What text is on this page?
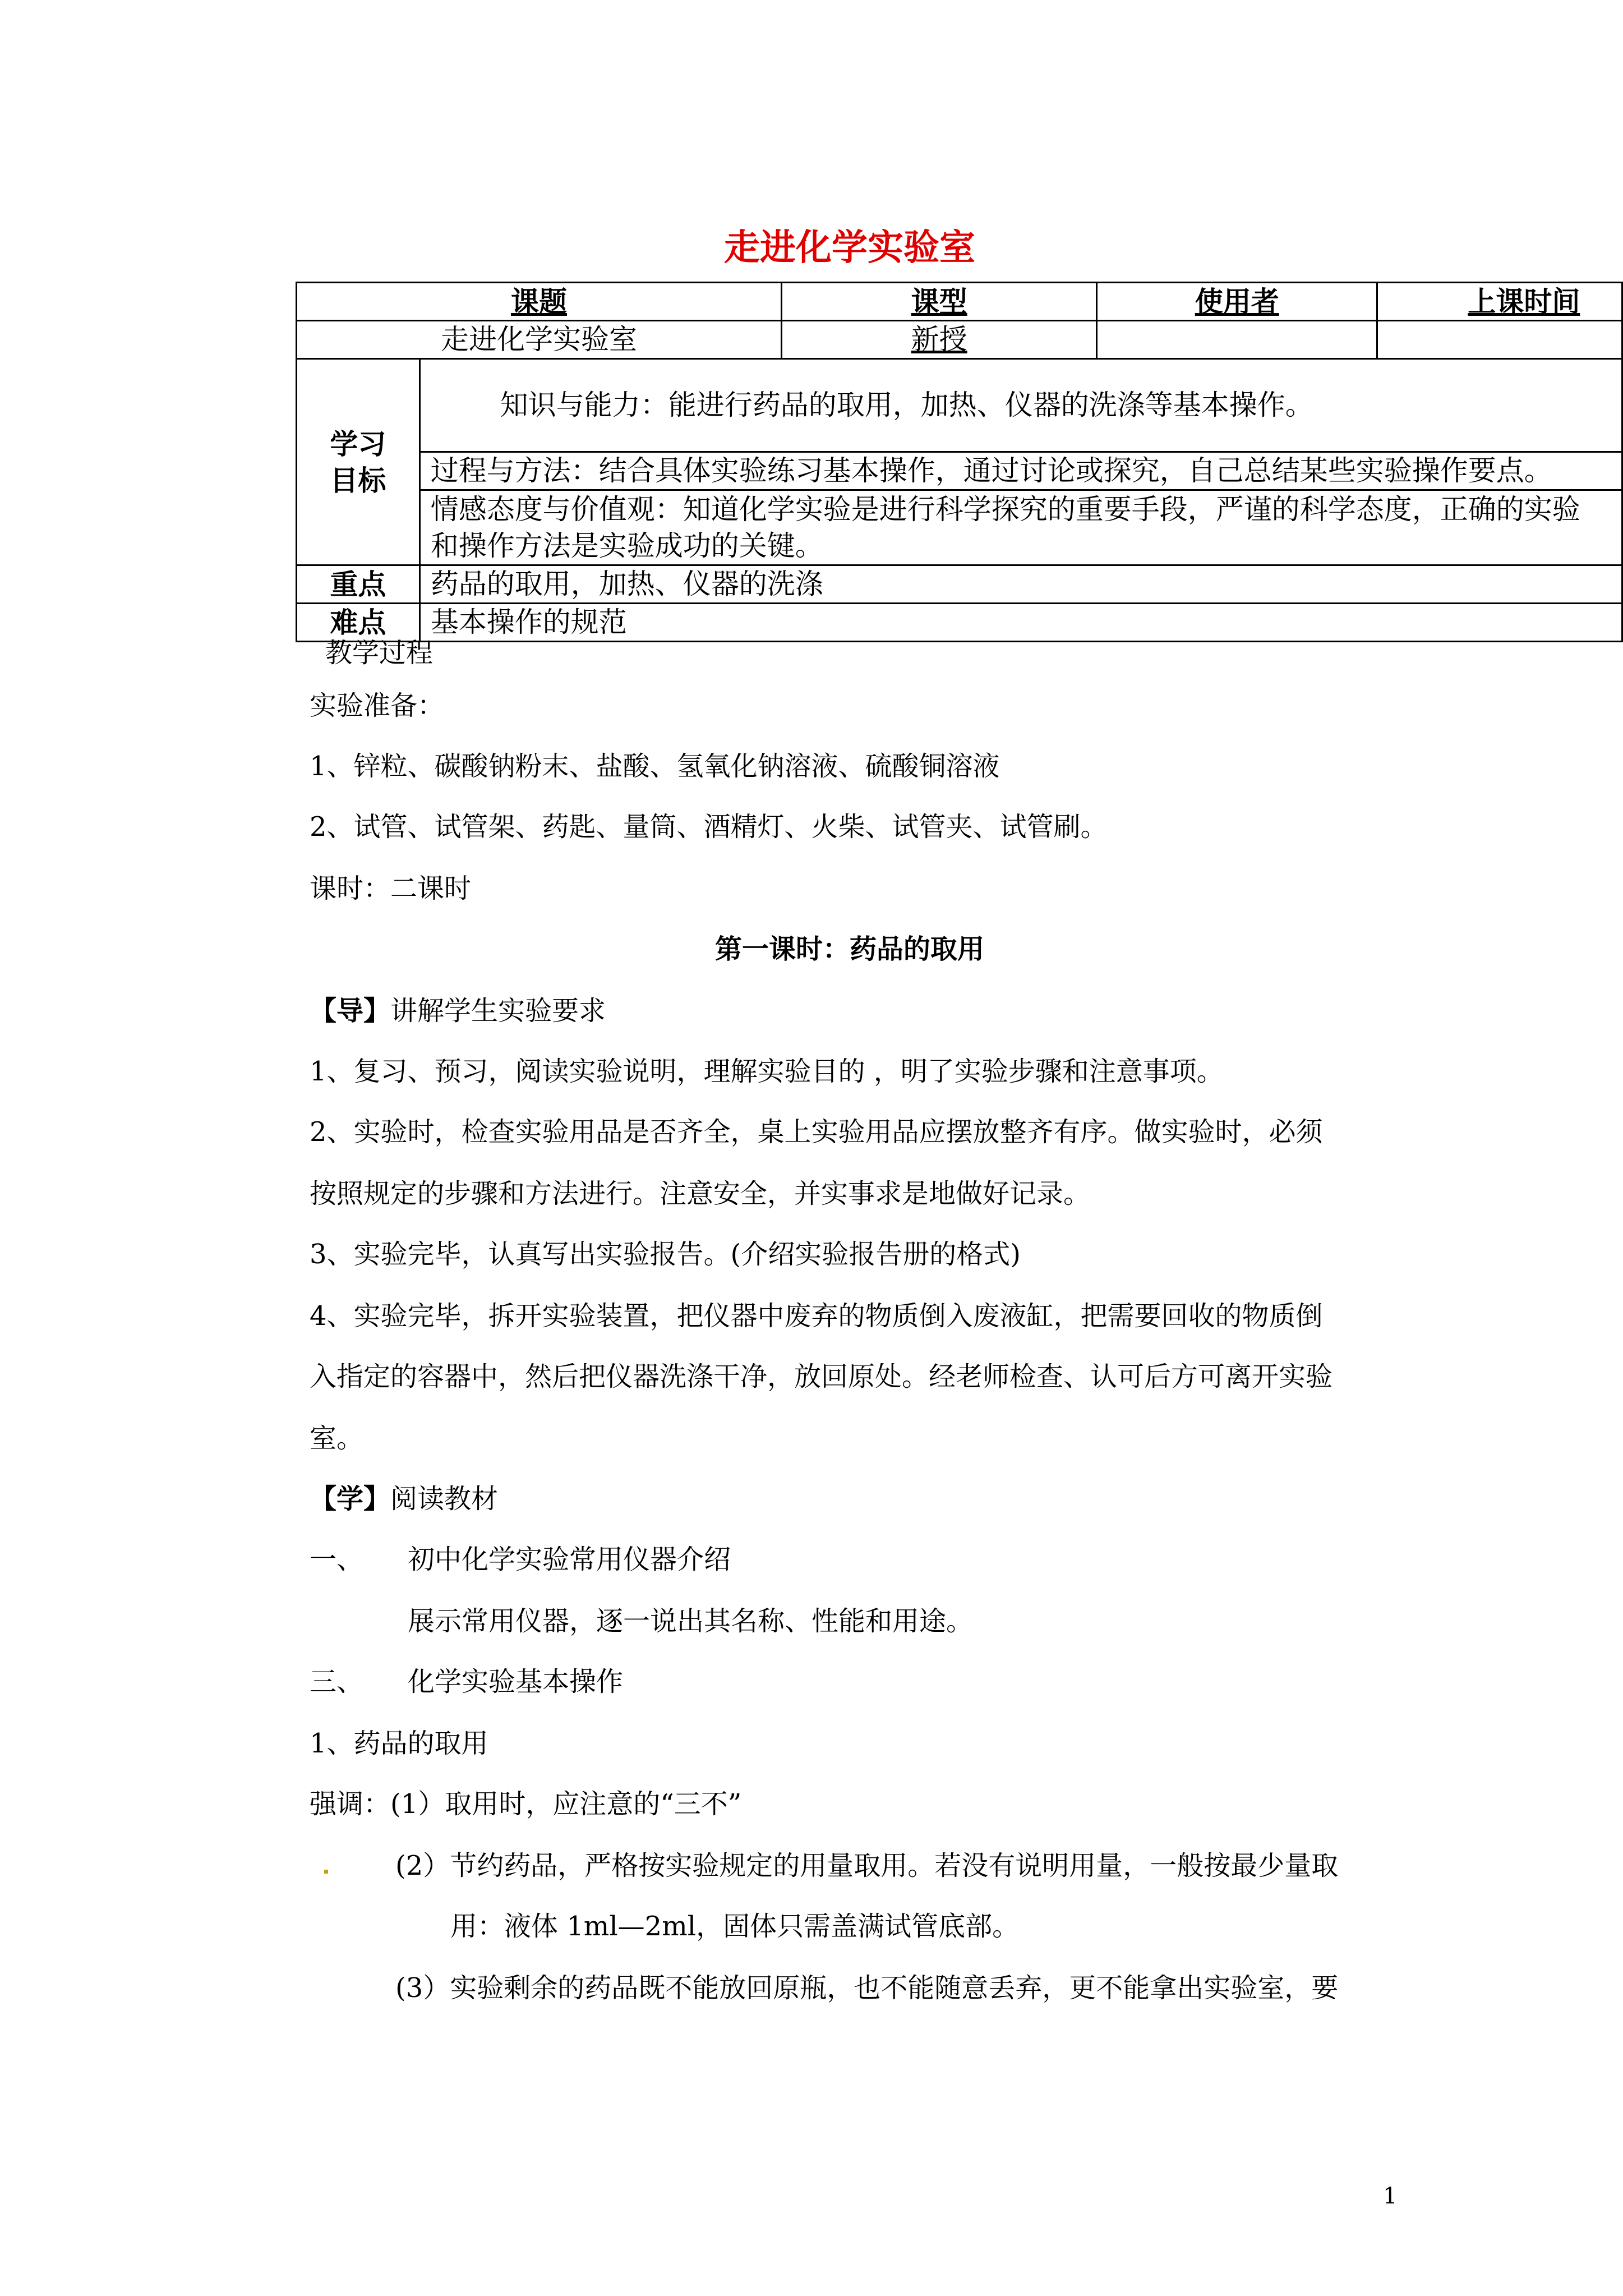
走进化学实验室
课题		课型	使用者	上课时间
走进化学实验室		新授		

学习
目标	知识与能力：能进行药品的取用，加热、仪器的洗涤等基本操作。			
	过程与方法：结合具体实验练习基本操作，通过讨论或探究，自己总结某些实验操作要点。			

	情感态度与价值观：知道化学实验是进行科学探究的重要手段，严谨的科学态度，正确的实验
和操作方法是实验成功的关键。			

重点	药品的取用，加热、仪器的洗涤			
难点	基本操作的规范			
教学过程
实验准备：
1、锌粒、碳酸钠粉末、盐酸、氢氧化钠溶液、硫酸铜溶液
2、试管、试管架、药匙、量筒、酒精灯、火柴、试管夹、试管刷。
课时：二课时
第一课时：药品的取用
【导】讲解学生实验要求
1、复习、预习，阅读实验说明，理解实验目的 ，明了实验步骤和注意事项。
2、实验时，检查实验用品是否齐全，桌上实验用品应摆放整齐有序。做实验时，必须
按照规定的步骤和方法进行。注意安全，并实事求是地做好记录。
3、实验完毕，认真写出实验报告。(介绍实验报告册的格式)
4、实验完毕，拆开实验装置，把仪器中废弃的物质倒入废液缸，把需要回收的物质倒
入指定的容器中，然后把仪器洗涤干净，放回原处。经老师检查、认可后方可离开实验
室。
【学】阅读教材
一、 初中化学实验常用仪器介绍
展示常用仪器，逐一说出其名称、性能和用途。
三、 化学实验基本操作
1、药品的取用
强调：(1）取用时，应注意的“三不”
(2）节约药品，严格按实验规定的用量取用。若没有说明用量，一般按最少量取
用：液体 1ml—2ml，固体只需盖满试管底部。
(3）实验剩余的药品既不能放回原瓶，也不能随意丢弃，更不能拿出实验室，要
1
